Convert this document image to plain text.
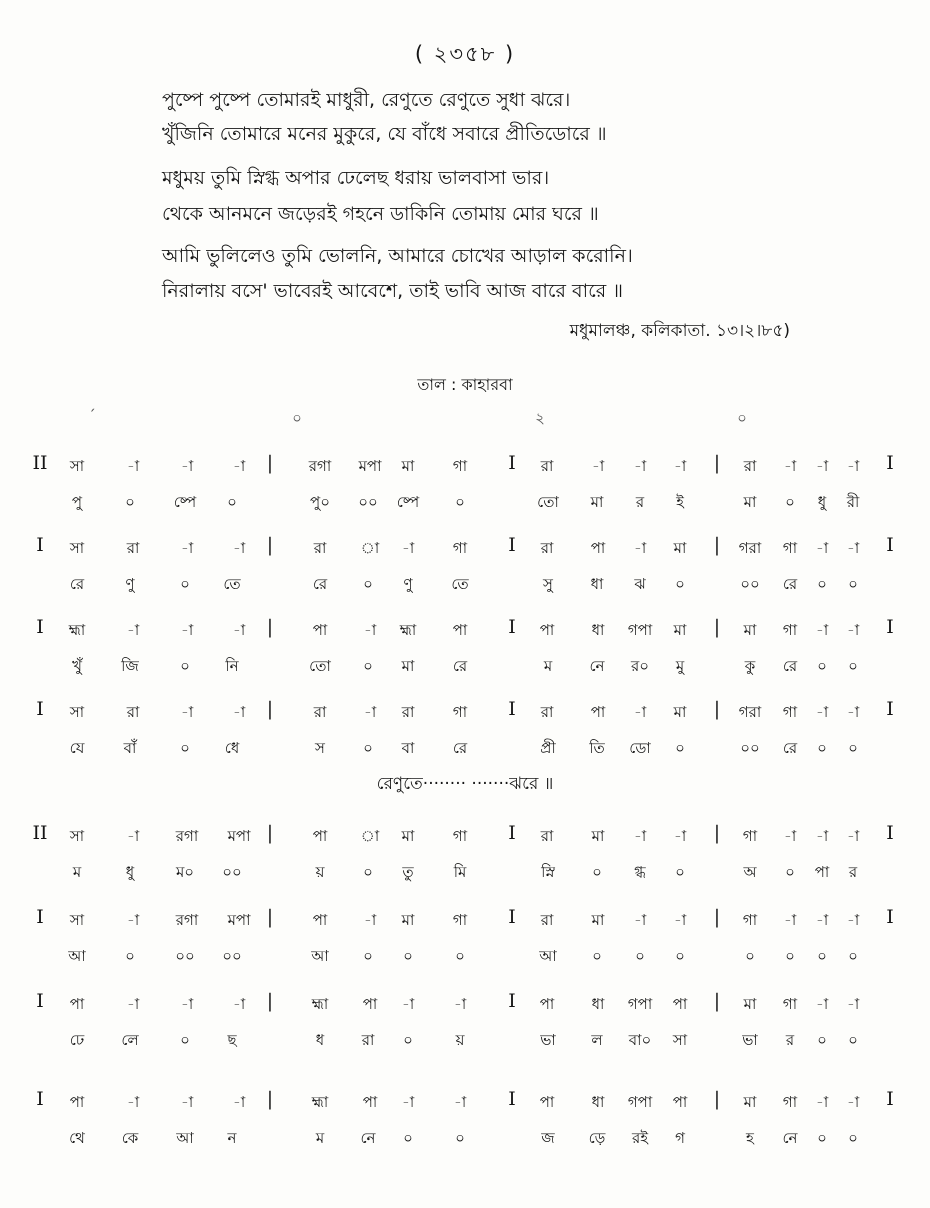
( ২৩৫৮ )
পুষ্পে পুষ্পে তোমারই মাধুরী, রেণুতে রেণুতে সুধা ঝরে।
খুঁজিনি তোমারে মনের মুকুরে, যে বাঁধে সবারে প্রীতিডোরে ॥
মধুময় তুমি স্নিগ্ধ অপার ঢেলেছ ধরায় ভালবাসা ভার।
থেকে আনমনে জড়েরই গহনে ডাকিনি তোমায় মোর ঘরে ॥
আমি ভুলিলেও তুমি ভোলনি, আমারে চোখের আড়াল করোনি।
নিরালায় বসে' ভাবেরই আবেশে, তাই ভাবি আজ বারে বারে ॥
মধুমালঞ্চ, কলিকাতা. ১৩।২।৮৫)
তাল : কাহারবা
´	০	২	০
II সা	-া	-া	-া | রগা মপা মা	গা I রা	-া -া -া | রা -া -া -া I
পু	০	ষ্পে ০	পু০ ০০ ষ্পে ০	তো মা র ই	মা ০ ধু রী
I সা	রা	-া	-া |	রা া -া	গা I রা পা -া মা | গরা গা -া -া I
রে	ণু	০ তে	রে ০ ণু	তে	সু	ধা ঝ ০	০০ রে ০ ০
I হ্মা	-া	-া	-া |	পা -া হ্মা পা I পা ধা গপা মা | মা গা -া -া I
খুঁ	জি	০ নি	তো ০ মা	রে	ম নে র০ মু	কু রে ০ ০
I সা	রা	-া	-া |	রা	-া রা	গা I রা পা -া মা | গরা গা -া -া I
যে	বাঁ	০ ধে	স	০ বা	রে	প্রী তি ডো ০	০০ রে ০ ০
II সা	-া রগা মপা |	পা া মা	গা I রা	মা -া -া | গা -া -া -া I
ম	ধু	ম০ ০০	য়	০ তু	মি	স্নি ০ গ্ধ ০	অ ০ পা র
I সা	-া রগা মপা |	পা -া মা	গা I রা	মা -া -া | গা -া -া -া I
আ	০	০০ ০০	আ ০ ০	০	আ ০ ০ ০	০ ০ ০ ০
I পা	-া	-া	-া |	হ্মা পা -া	-া I পা ধা গপা পা | মা গা -া -া
ঢে লে	০	ছ	ধ রা ০	য়	ভা ল বা০ সা	ভা র ০ ০
I পা	-া	-া	-া |	হ্মা পা -া	-া I পা ধা গপা পা | মা গা -া -া I
থে কে	আ ন	ম নে ০	০	জ ড়ে রই গ	হ নে ০ ০
রেণুতে········ ·······ঝরে ॥
